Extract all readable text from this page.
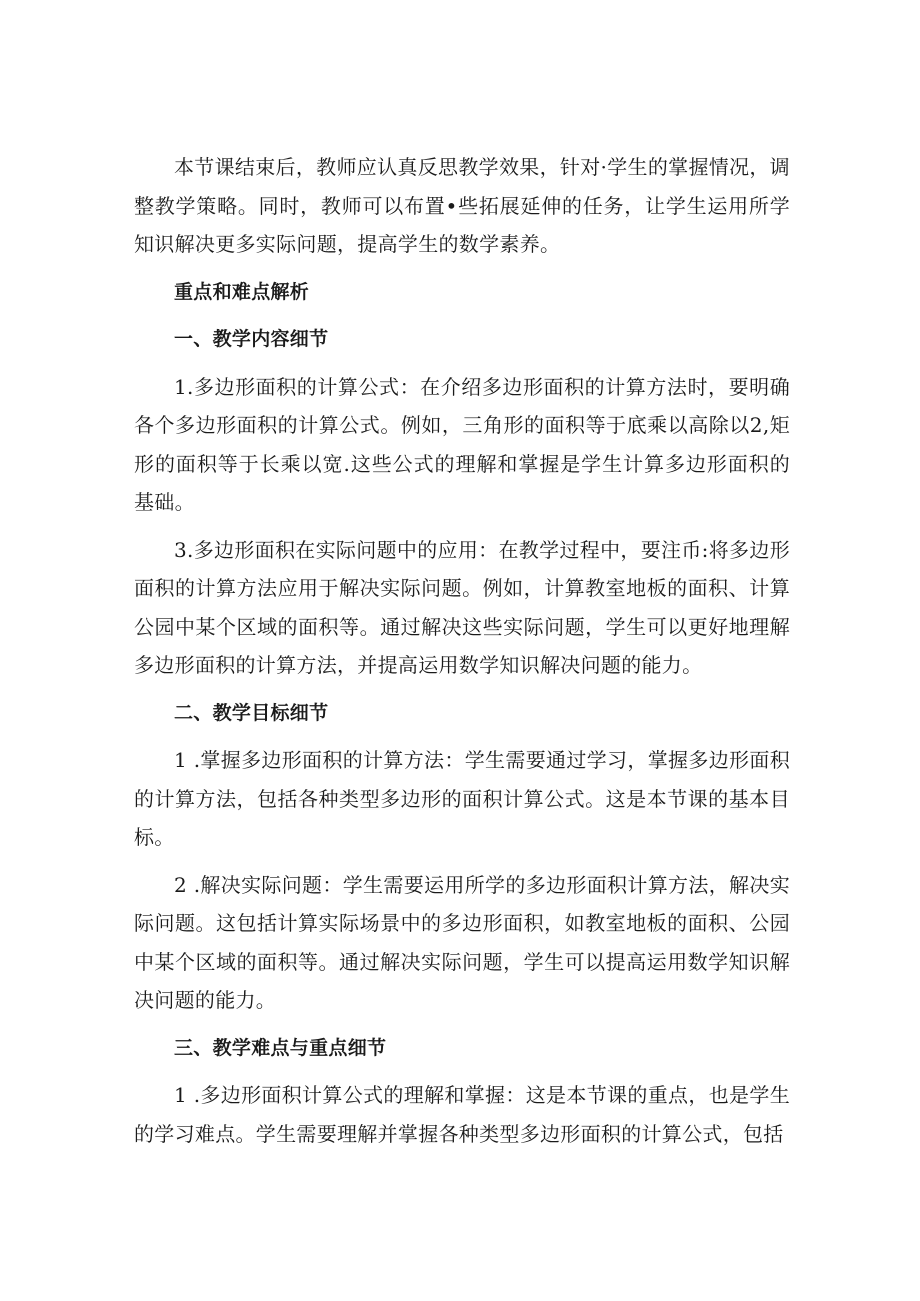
本节课结束后，教师应认真反思教学效果，针对·学生的掌握情况，调整教学策略。同时，教师可以布置•些拓展延伸的任务，让学生运用所学知识解决更多实际问题，提高学生的数学素养。

重点和难点解析

一、教学内容细节

1.多边形面积的计算公式：在介绍多边形面积的计算方法时，要明确各个多边形面积的计算公式。例如，三角形的面积等于底乘以高除以2,矩形的面积等于长乘以宽.这些公式的理解和掌握是学生计算多边形面积的基础。

3.多边形面积在实际问题中的应用：在教学过程中，要注币:将多边形面积的计算方法应用于解决实际问题。例如，计算教室地板的面积、计算公园中某个区域的面积等。通过解决这些实际问题，学生可以更好地理解多边形面积的计算方法，并提高运用数学知识解决问题的能力。

二、教学目标细节

1 .掌握多边形面积的计算方法：学生需要通过学习，掌握多边形面积的计算方法，包括各种类型多边形的面积计算公式。这是本节课的基本目标。

2 .解决实际问题：学生需要运用所学的多边形面积计算方法，解决实际问题。这包括计算实际场景中的多边形面积，如教室地板的面积、公园中某个区域的面积等。通过解决实际问题，学生可以提高运用数学知识解决问题的能力。

三、教学难点与重点细节

1 .多边形面积计算公式的理解和掌握：这是本节课的重点，也是学生的学习难点。学生需要理解并掌握各种类型多边形面积的计算公式，包括
